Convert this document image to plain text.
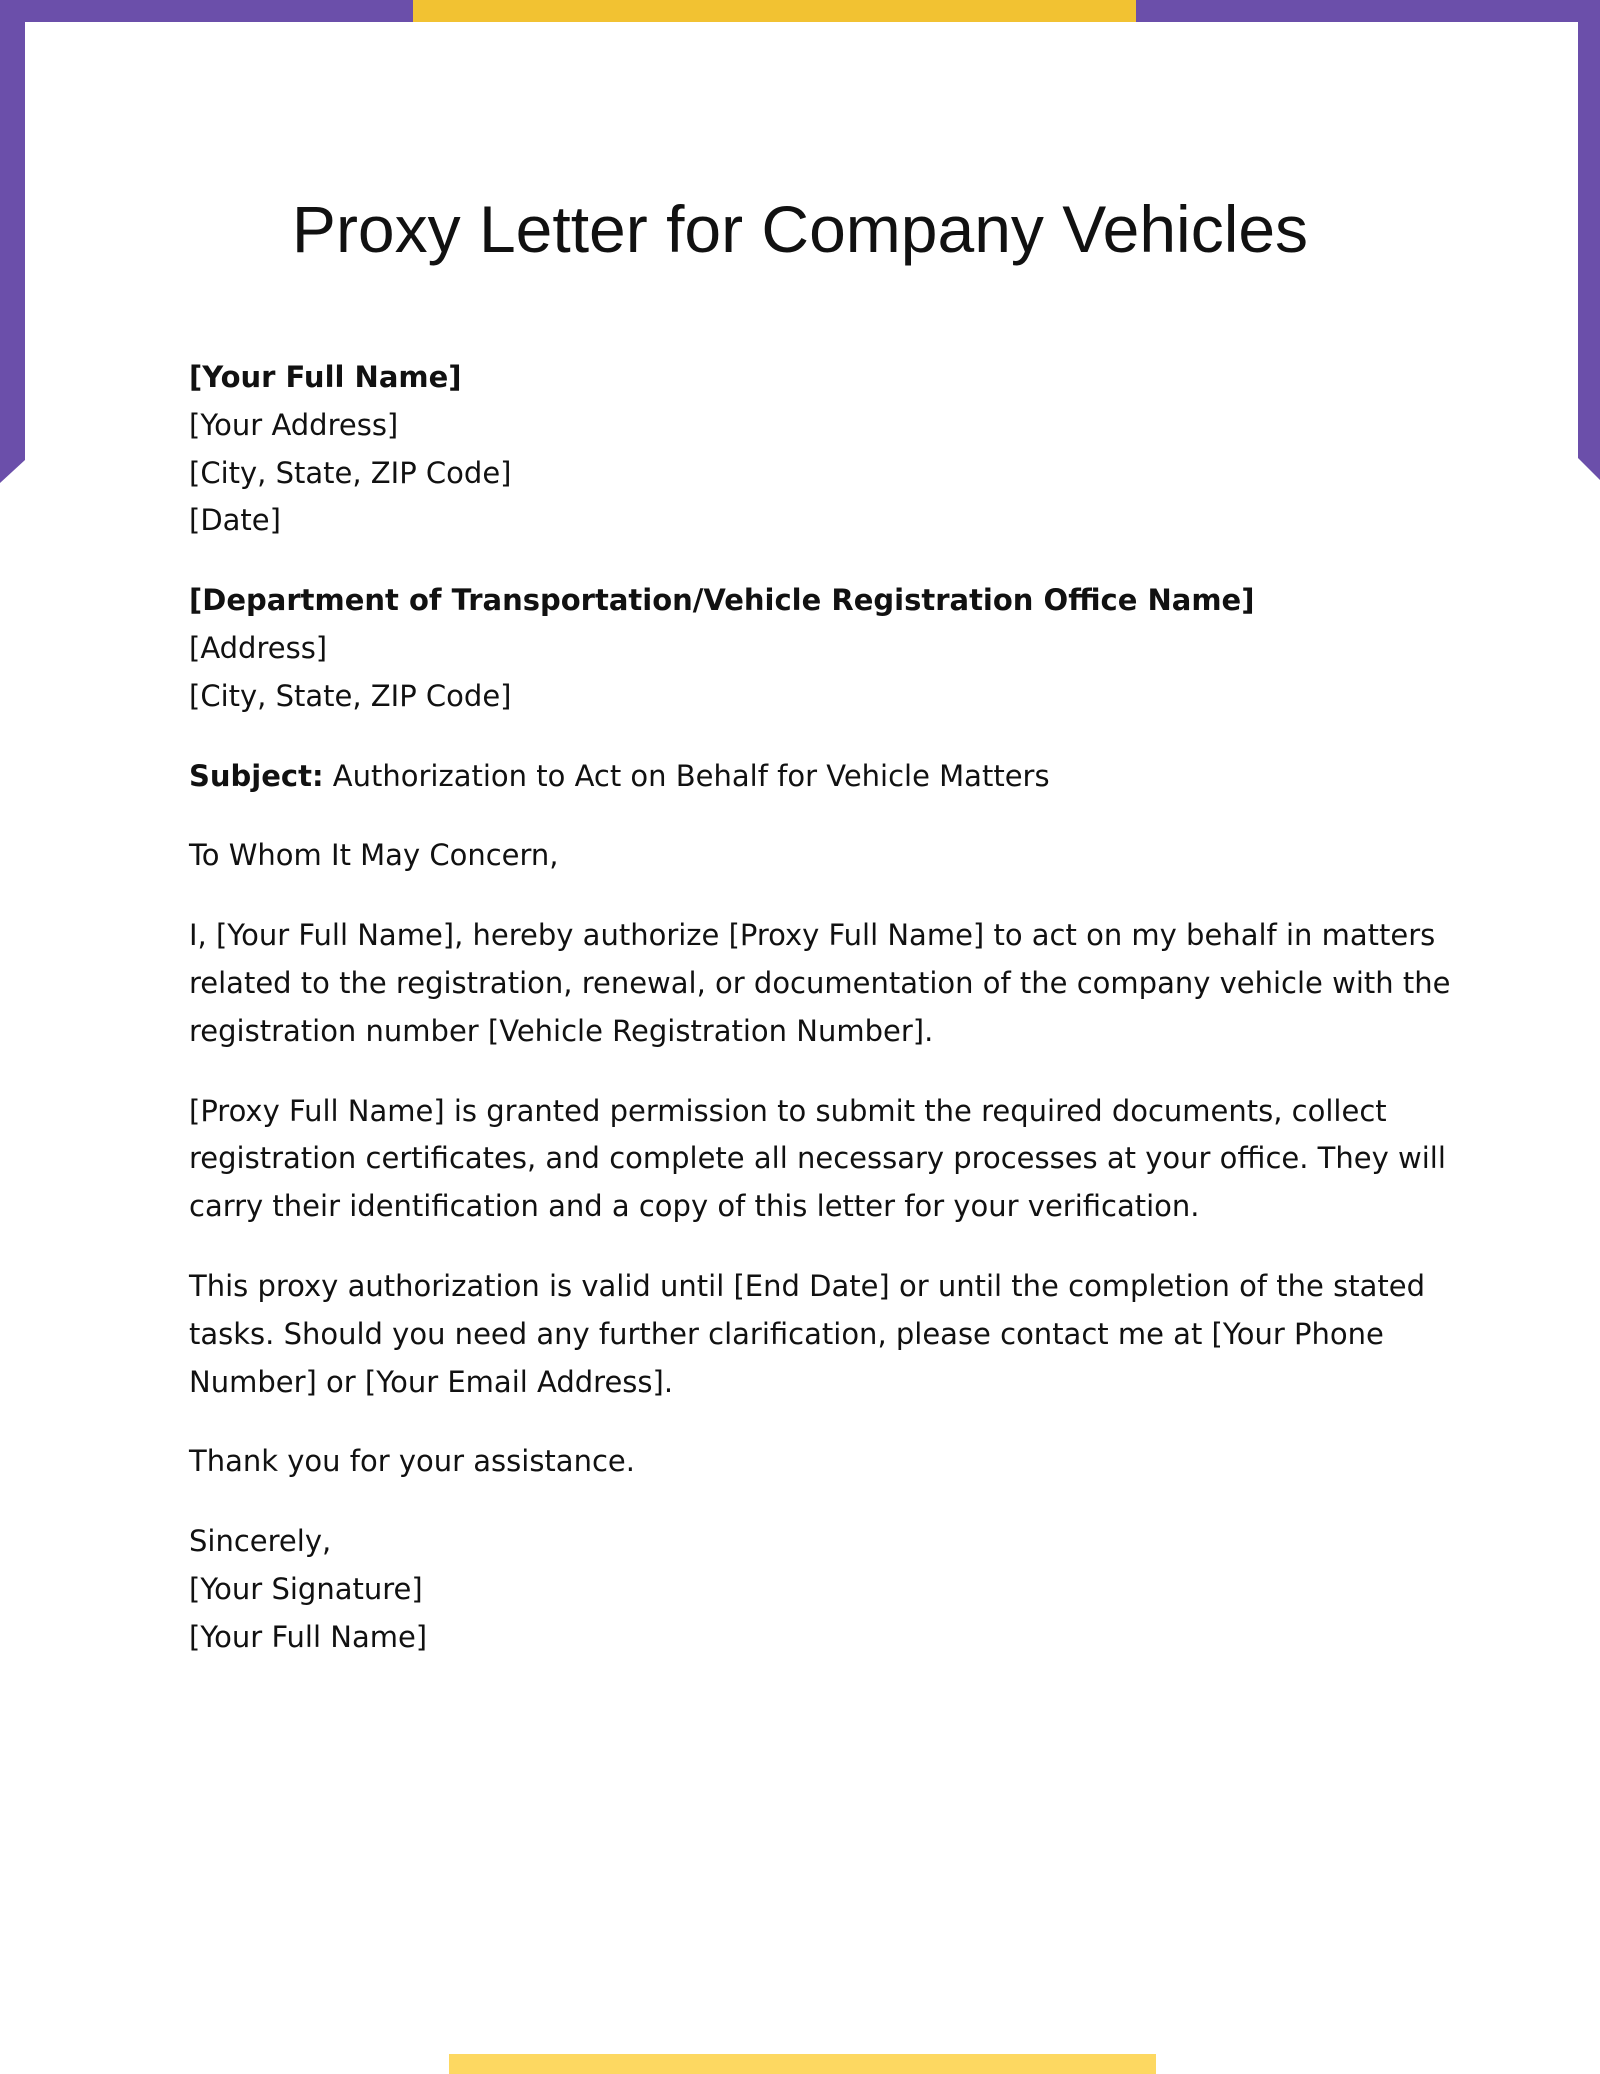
Proxy Letter for Company Vehicles
[Your Full Name]
[Your Address]
[City, State, ZIP Code]
[Date]
[Department of Transportation/Vehicle Registration Office Name]
[Address]
[City, State, ZIP Code]

Subject: Authorization to Act on Behalf for Vehicle Matters

To Whom It May Concern,

I, [Your Full Name], hereby authorize [Proxy Full Name] to act on my behalf in matters
related to the registration, renewal, or documentation of the company vehicle with the
registration number [Vehicle Registration Number].

[Proxy Full Name] is granted permission to submit the required documents, collect
registration certificates, and complete all necessary processes at your office. They will
carry their identification and a copy of this letter for your verification.

This proxy authorization is valid until [End Date] or until the completion of the stated
tasks. Should you need any further clarification, please contact me at [Your Phone
Number] or [Your Email Address].

Thank you for your assistance.

Sincerely,
[Your Signature]
[Your Full Name]
